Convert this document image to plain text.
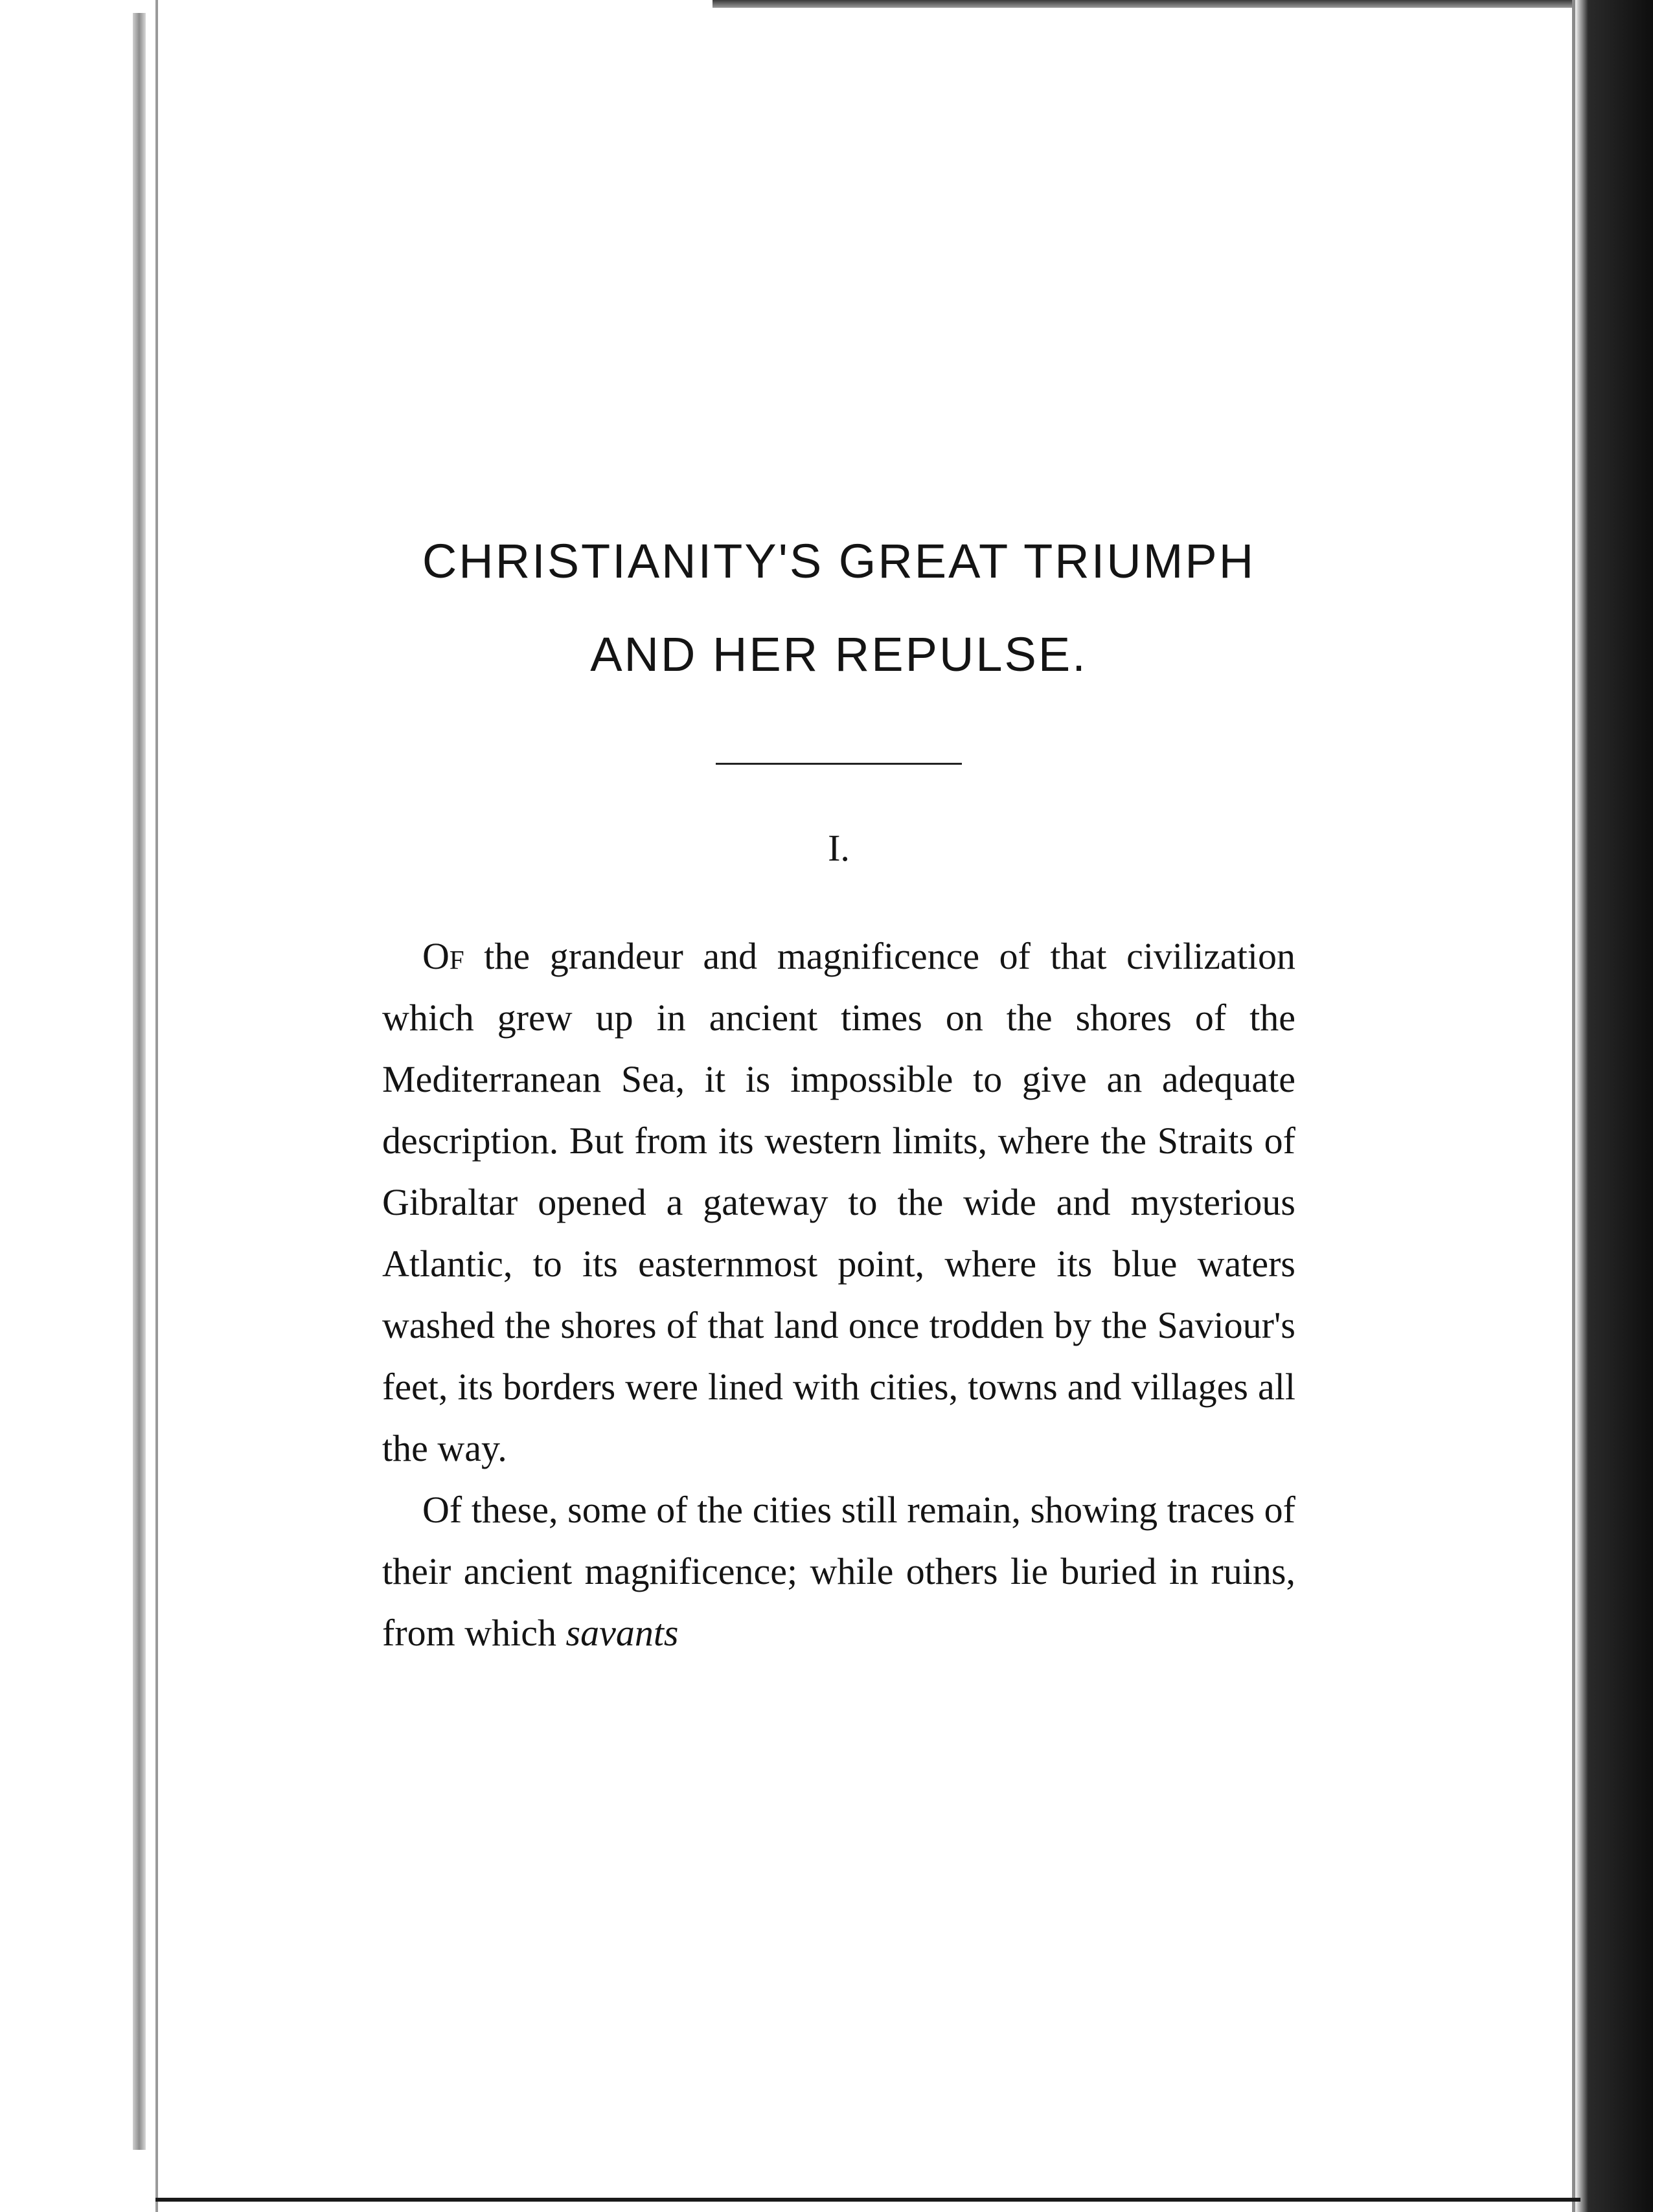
CHRISTIANITY'S GREAT TRIUMPH
AND HER REPULSE.
I.

Of the grandeur and magnificence of that civilization which grew up in ancient times on the shores of the Mediterranean Sea, it is impossible to give an adequate description. But from its western limits, where the Straits of Gibraltar opened a gateway to the wide and mysterious Atlantic, to its easternmost point, where its blue waters washed the shores of that land once trodden by the Saviour's feet, its borders were lined with cities, towns and villages all the way.

Of these, some of the cities still remain, showing traces of their ancient magnificence; while others lie buried in ruins, from which savants
